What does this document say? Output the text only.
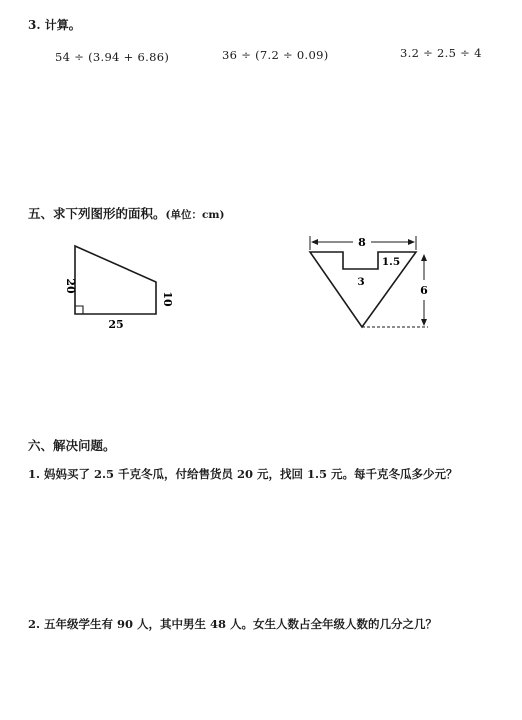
3. 计算。
54 ÷ (3.94 + 6.86)	36 ÷ (7.2 ÷ 0.09)	3.2 ÷ 2.5 ÷ 4
五、求下列图形的面积。(单位：cm)
20
10
25
8
1.5
3
6
六、解决问题。
1. 妈妈买了 2.5 千克冬瓜，付给售货员 20 元，找回 1.5 元。每千克冬瓜多少元？
2. 五年级学生有 90 人，其中男生 48 人。女生人数占全年级人数的几分之几？
